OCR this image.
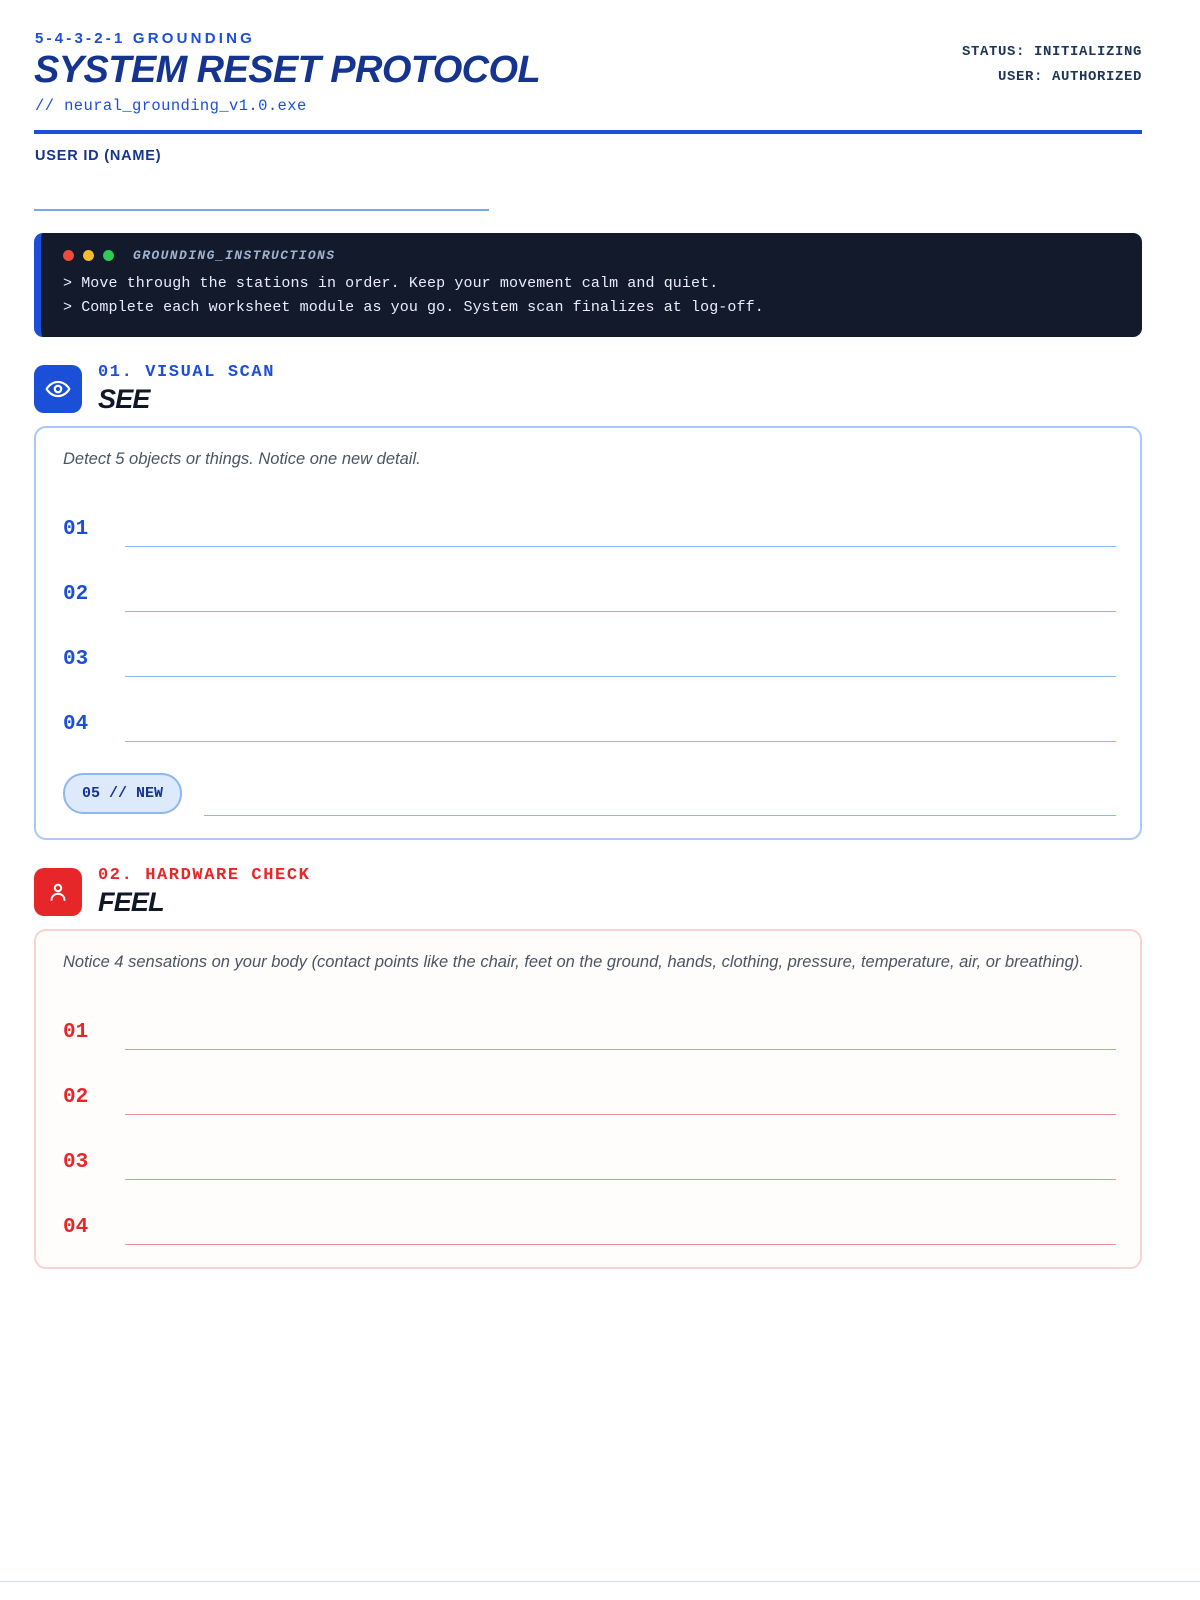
5-4-3-2-1 GROUNDING
SYSTEM RESET PROTOCOL
// neural_grounding_v1.0.exe
STATUS: INITIALIZING
USER: AUTHORIZED
USER ID (NAME)
GROUNDING_INSTRUCTIONS
> Move through the stations in order. Keep your movement calm and quiet.
> Complete each worksheet module as you go. System scan finalizes at log-off.
01. VISUAL SCAN
SEE
Detect 5 objects or things. Notice one new detail.
01
02
03
04
05 // NEW
02. HARDWARE CHECK
FEEL
Notice 4 sensations on your body (contact points like the chair, feet on the ground, hands, clothing, pressure, temperature, air, or breathing).
01
02
03
04
